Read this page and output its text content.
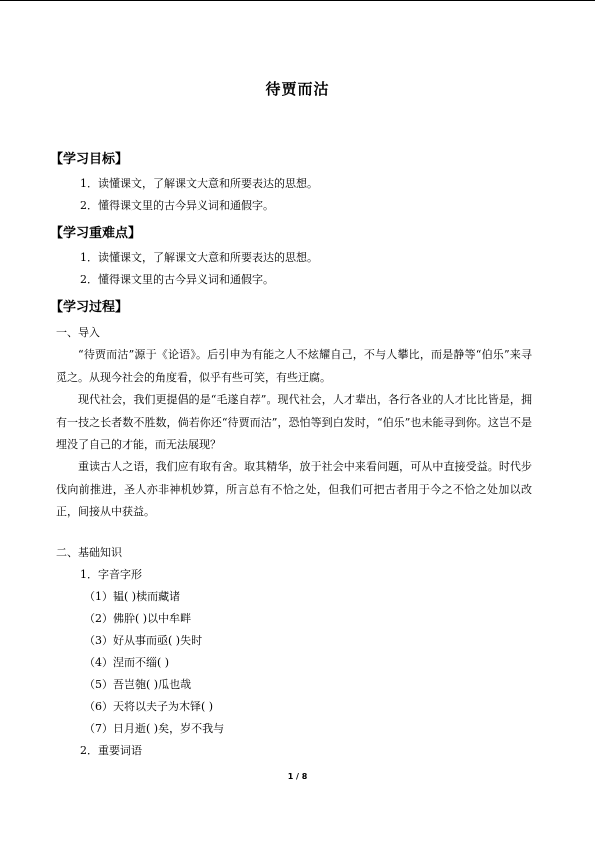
待贾而沽
【学习目标】
1．读懂课文，了解课文大意和所要表达的思想。
2．懂得课文里的古今异义词和通假字。
【学习重难点】
1．读懂课文，了解课文大意和所要表达的思想。
2．懂得课文里的古今异义词和通假字。
【学习过程】
一、导入
“待贾而沽”源于《论语》。后引申为有能之人不炫耀自己，不与人攀比，而是静等“伯乐”来寻觅之。从现今社会的角度看，似乎有些可笑，有些迂腐。
现代社会，我们更提倡的是“毛遂自荐”。现代社会，人才辈出，各行各业的人才比比皆是，拥有一技之长者数不胜数，倘若你还“待贾而沽”，恐怕等到白发时，“伯乐”也未能寻到你。这岂不是埋没了自己的才能，而无法展现？
重读古人之语，我们应有取有舍。取其精华，放于社会中来看问题，可从中直接受益。时代步伐向前推进，圣人亦非神机妙算，所言总有不恰之处，但我们可把古者用于今之不恰之处加以改正，间接从中获益。
二、基础知识
1．字音字形
（1）韫( )椟而藏诸
（2）佛肸( )以中牟畔
（3）好从事而亟( )失时
（4）涅而不缁( )
（5）吾岂匏( )瓜也哉
（6）天将以夫子为木铎( )
（7）日月逝( )矣，岁不我与
2．重要词语
1 / 8
